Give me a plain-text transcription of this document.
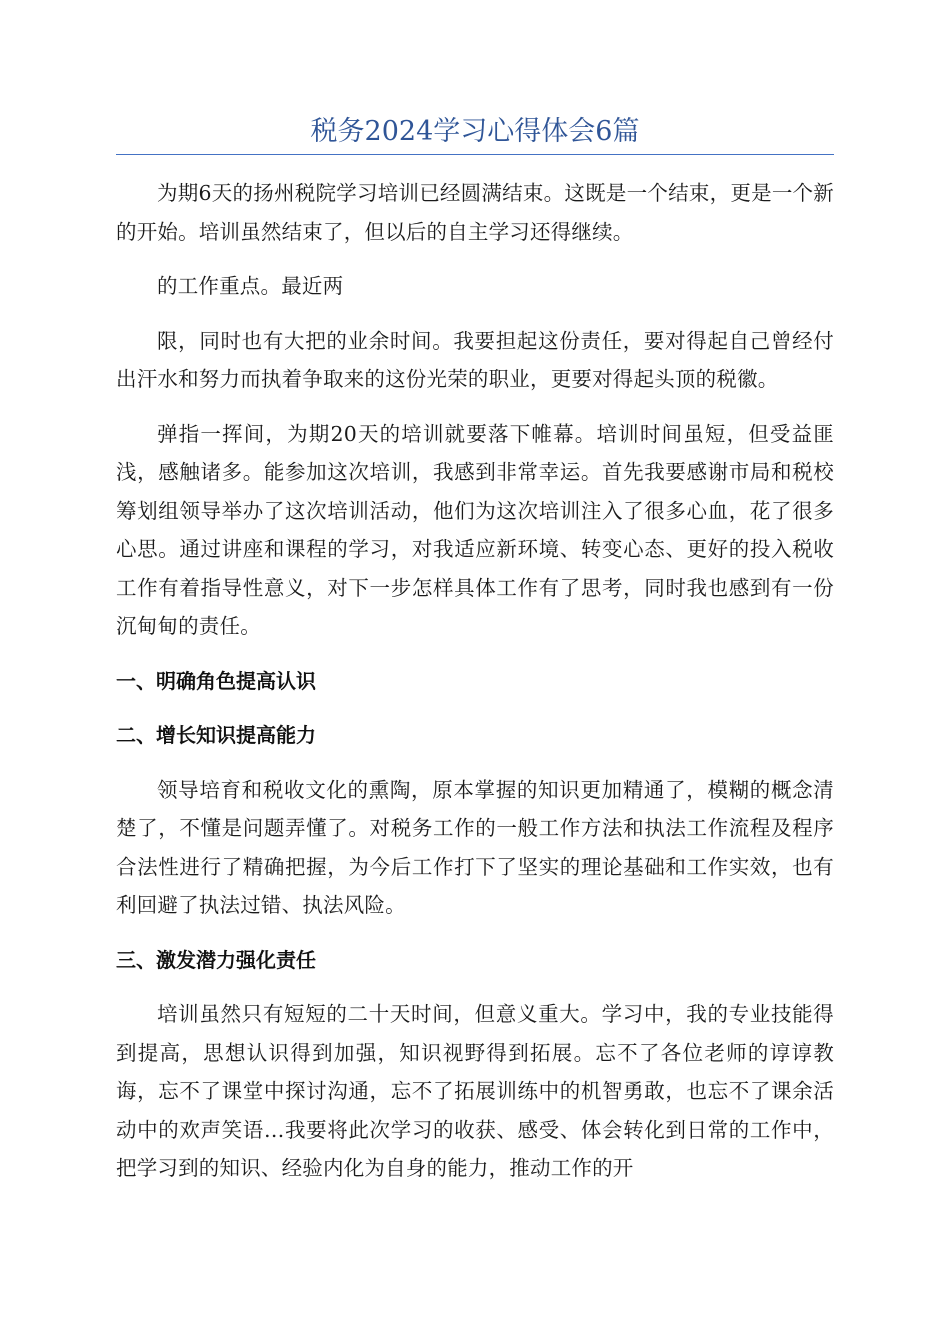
税务2024学习心得体会6篇

为期6天的扬州税院学习培训已经圆满结束。这既是一个结束，更是一个新的开始。培训虽然结束了，但以后的自主学习还得继续。

的工作重点。最近两

限，同时也有大把的业余时间。我要担起这份责任，要对得起自己曾经付出汗水和努力而执着争取来的这份光荣的职业，更要对得起头顶的税徽。

弹指一挥间，为期20天的培训就要落下帷幕。培训时间虽短，但受益匪浅，感触诸多。能参加这次培训，我感到非常幸运。首先我要感谢市局和税校筹划组领导举办了这次培训活动，他们为这次培训注入了很多心血，花了很多心思。通过讲座和课程的学习，对我适应新环境、转变心态、更好的投入税收工作有着指导性意义，对下一步怎样具体工作有了思考，同时我也感到有一份沉甸甸的责任。

一、明确角色提高认识

二、增长知识提高能力

领导培育和税收文化的熏陶，原本掌握的知识更加精通了，模糊的概念清楚了，不懂是问题弄懂了。对税务工作的一般工作方法和执法工作流程及程序合法性进行了精确把握，为今后工作打下了坚实的理论基础和工作实效，也有利回避了执法过错、执法风险。

三、激发潜力强化责任

培训虽然只有短短的二十天时间，但意义重大。学习中，我的专业技能得到提高，思想认识得到加强，知识视野得到拓展。忘不了各位老师的谆谆教诲，忘不了课堂中探讨沟通，忘不了拓展训练中的机智勇敢，也忘不了课余活动中的欢声笑语…我要将此次学习的收获、感受、体会转化到日常的工作中，把学习到的知识、经验内化为自身的能力，推动工作的开
